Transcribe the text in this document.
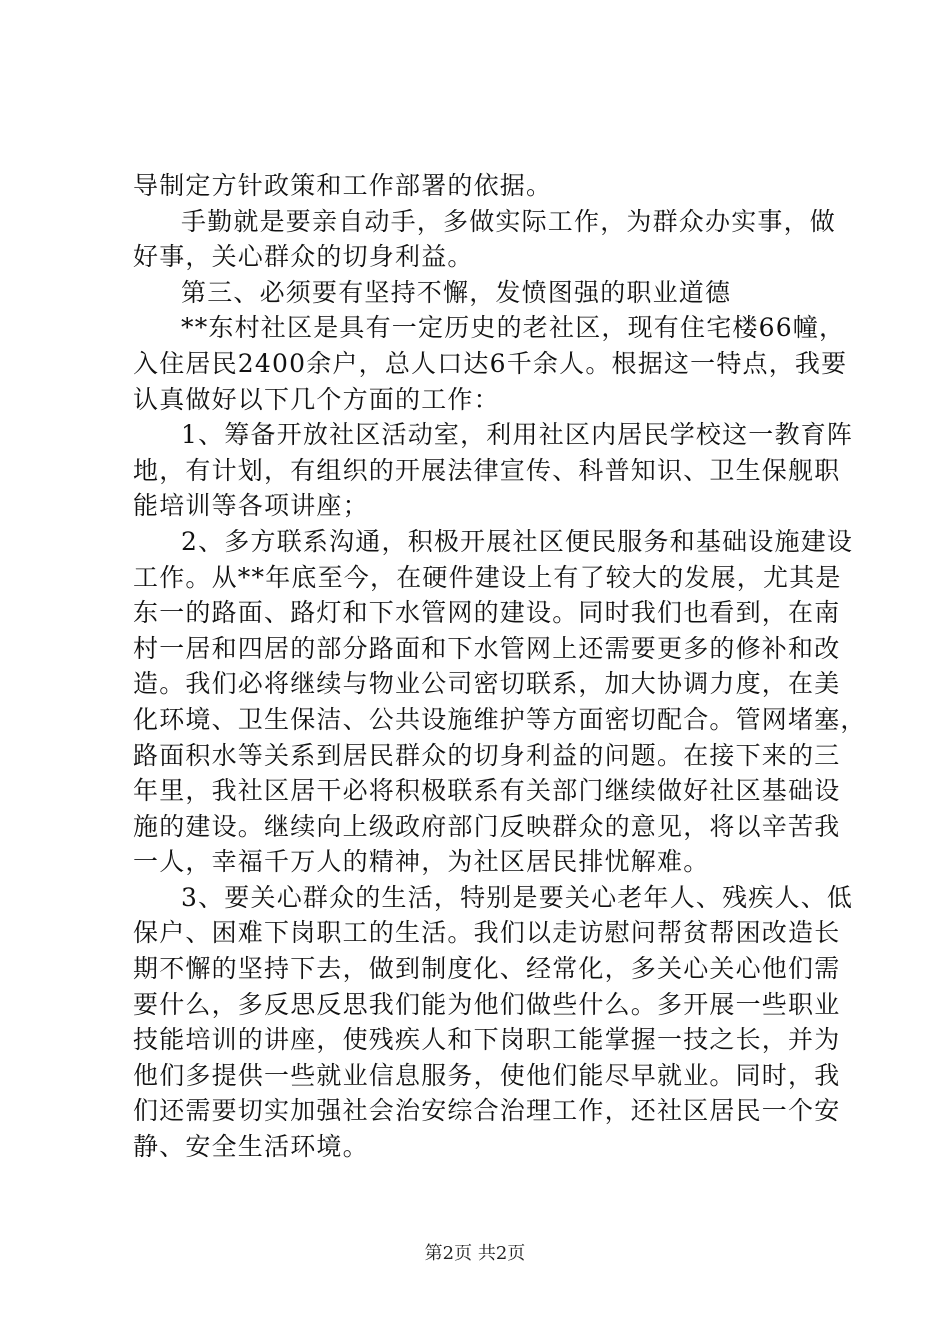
导制定方针政策和工作部署的依据。
手勤就是要亲自动手，多做实际工作，为群众办实事，做
好事，关心群众的切身利益。
第三、必须要有坚持不懈，发愤图强的职业道德
**东村社区是具有一定历史的老社区，现有住宅楼66幢，
入住居民2400余户，总人口达6千余人。根据这一特点，我要
认真做好以下几个方面的工作：
1、筹备开放社区活动室，利用社区内居民学校这一教育阵
地，有计划，有组织的开展法律宣传、科普知识、卫生保舰职
能培训等各项讲座；
2、多方联系沟通，积极开展社区便民服务和基础设施建设
工作。从**年底至今，在硬件建设上有了较大的发展，尤其是
东一的路面、路灯和下水管网的建设。同时我们也看到，在南
村一居和四居的部分路面和下水管网上还需要更多的修补和改
造。我们必将继续与物业公司密切联系，加大协调力度，在美
化环境、卫生保洁、公共设施维护等方面密切配合。管网堵塞，
路面积水等关系到居民群众的切身利益的问题。在接下来的三
年里，我社区居干必将积极联系有关部门继续做好社区基础设
施的建设。继续向上级政府部门反映群众的意见，将以辛苦我
一人，幸福千万人的精神，为社区居民排忧解难。
3、要关心群众的生活，特别是要关心老年人、残疾人、低
保户、困难下岗职工的生活。我们以走访慰问帮贫帮困改造长
期不懈的坚持下去，做到制度化、经常化，多关心关心他们需
要什么，多反思反思我们能为他们做些什么。多开展一些职业
技能培训的讲座，使残疾人和下岗职工能掌握一技之长，并为
他们多提供一些就业信息服务，使他们能尽早就业。同时，我
们还需要切实加强社会治安综合治理工作，还社区居民一个安
静、安全生活环境。
第2页 共2页
